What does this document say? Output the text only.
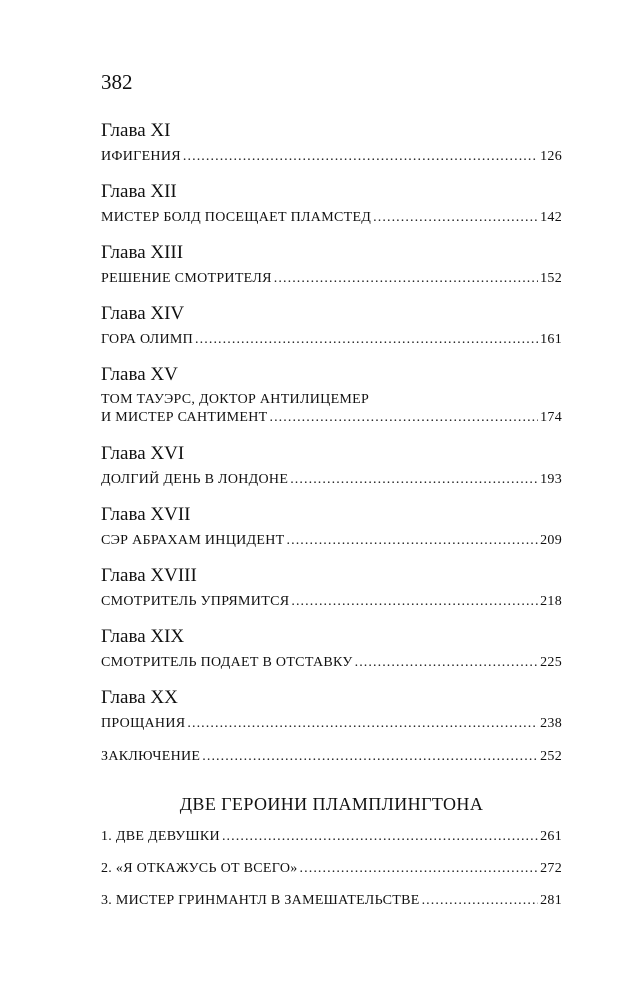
382
Глава XI
ИФИГЕНИЯ . . .	126
Глава XII
МИСТЕР БОЛД ПОСЕЩАЕТ ПЛАМСТЕД . . .	142
Глава XIII
РЕШЕНИЕ СМОТРИТЕЛЯ . . .	152
Глава XIV
ГОРА ОЛИМП . . .	161
Глава XV
ТОМ ТАУЭРС, ДОКТОР АНТИЛИЦЕМЕР
И МИСТЕР САНТИМЕНТ . . .	174
Глава XVI
ДОЛГИЙ ДЕНЬ В ЛОНДОНЕ . . .	193
Глава XVII
СЭР АБРАХАМ ИНЦИДЕНТ . . .	209
Глава XVIII
СМОТРИТЕЛЬ УПРЯМИТСЯ . . .	218
Глава XIX
СМОТРИТЕЛЬ ПОДАЕТ В ОТСТАВКУ . . .	225
Глава XX
ПРОЩАНИЯ . . .	238
ЗАКЛЮЧЕНИЕ . . .	252
1. ДВЕ ДЕВУШКИ . . .	261
2. «Я ОТКАЖУСЬ ОТ ВСЕГО» . . .	272
3. МИСТЕР ГРИНМАНТЛ В ЗАМЕШАТЕЛЬСТВЕ . . .	281
ДВЕ ГЕРОИНИ ПЛАМПЛИНГТОНА
